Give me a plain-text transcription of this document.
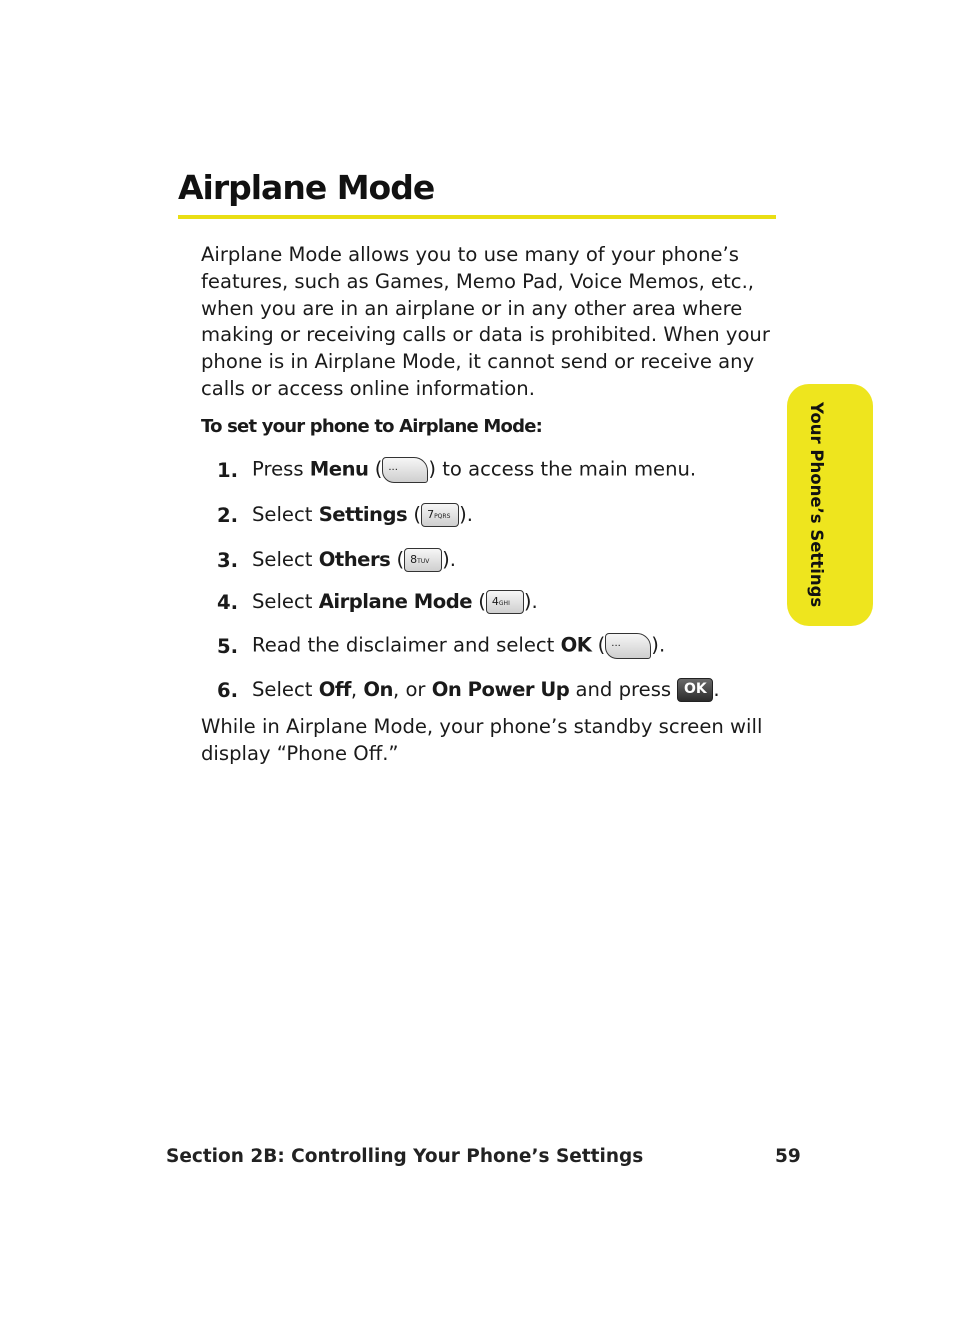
Airplane Mode

Airplane Mode allows you to use many of your phone’s features, such as Games, Memo Pad, Voice Memos, etc., when you are in an airplane or in any other area where making or receiving calls or data is prohibited. When your phone is in Airplane Mode, it cannot send or receive any calls or access online information.

To set your phone to Airplane Mode:

1. Press Menu ( ... ) to access the main menu.
2. Select Settings ( 7PQRS ).
3. Select Others ( 8TUV ).
4. Select Airplane Mode ( 4GHI ).
5. Read the disclaimer and select OK ( ... ).
6. Select Off, On, or On Power Up and press OK .

While in Airplane Mode, your phone’s standby screen will display “Phone Off.”

Your Phone’s Settings
Section 2B: Controlling Your Phone’s Settings	59
